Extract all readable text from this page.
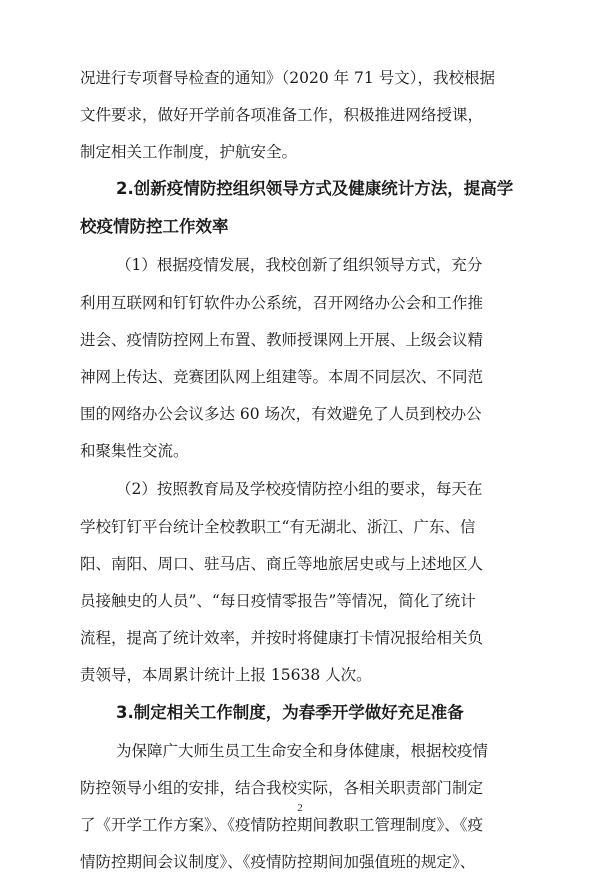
况进行专项督导检查的通知》（2020 年 71 号文），我校根据
文件要求，做好开学前各项准备工作，积极推进网络授课，
制定相关工作制度，护航安全。
2.创新疫情防控组织领导方式及健康统计方法，提高学
校疫情防控工作效率
（1）根据疫情发展，我校创新了组织领导方式，充分
利用互联网和钉钉软件办公系统，召开网络办公会和工作推
进会、疫情防控网上布置、教师授课网上开展、上级会议精
神网上传达、竞赛团队网上组建等。本周不同层次、不同范
围的网络办公会议多达 60 场次，有效避免了人员到校办公
和聚集性交流。
（2）按照教育局及学校疫情防控小组的要求，每天在
学校钉钉平台统计全校教职工“有无湖北、浙江、广东、信
阳、南阳、周口、驻马店、商丘等地旅居史或与上述地区人
员接触史的人员”、“每日疫情零报告”等情况，简化了统计
流程，提高了统计效率，并按时将健康打卡情况报给相关负
责领导，本周累计统计上报 15638 人次。
3.制定相关工作制度，为春季开学做好充足准备
为保障广大师生员工生命安全和身体健康，根据校疫情
防控领导小组的安排，结合我校实际，各相关职责部门制定
了《开学工作方案》、《疫情防控期间教职工管理制度》、《疫
情防控期间会议制度》、《疫情防控期间加强值班的规定》、
2
